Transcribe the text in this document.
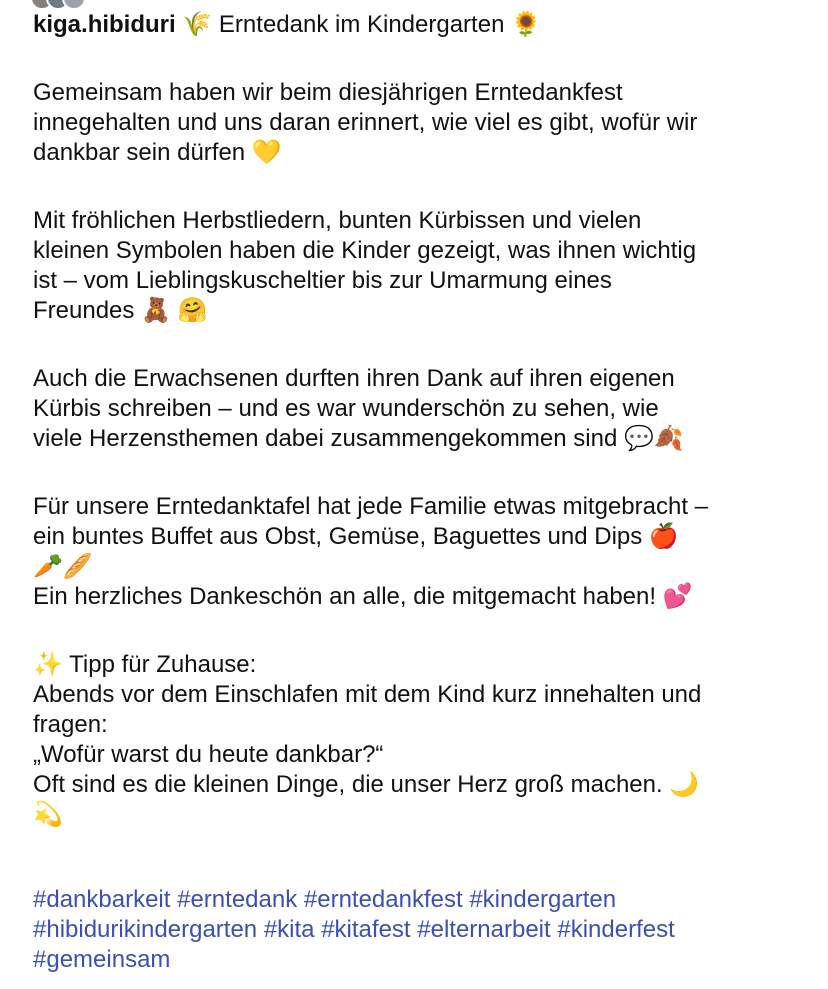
kiga.hibiduri 🌾 Erntedank im Kindergarten 🌻
Gemeinsam haben wir beim diesjährigen Erntedankfest
innegehalten und uns daran erinnert, wie viel es gibt, wofür wir
dankbar sein dürfen 💛
Mit fröhlichen Herbstliedern, bunten Kürbissen und vielen
kleinen Symbolen haben die Kinder gezeigt, was ihnen wichtig
ist – vom Lieblingskuscheltier bis zur Umarmung eines
Freundes 🧸 🤗
Auch die Erwachsenen durften ihren Dank auf ihren eigenen
Kürbis schreiben – und es war wunderschön zu sehen, wie
viele Herzensthemen dabei zusammengekommen sind 💬🍂
Für unsere Erntedanktafel hat jede Familie etwas mitgebracht –
ein buntes Buffet aus Obst, Gemüse, Baguettes und Dips 🍎
🥕🥖
Ein herzliches Dankeschön an alle, die mitgemacht haben! 💕
✨ Tipp für Zuhause:
Abends vor dem Einschlafen mit dem Kind kurz innehalten und
fragen:
„Wofür warst du heute dankbar?“
Oft sind es die kleinen Dinge, die unser Herz groß machen. 🌙
💫
#dankbarkeit #erntedank #erntedankfest #kindergarten
#hibidurikindergarten #kita #kitafest #elternarbeit #kinderfest
#gemeinsam
